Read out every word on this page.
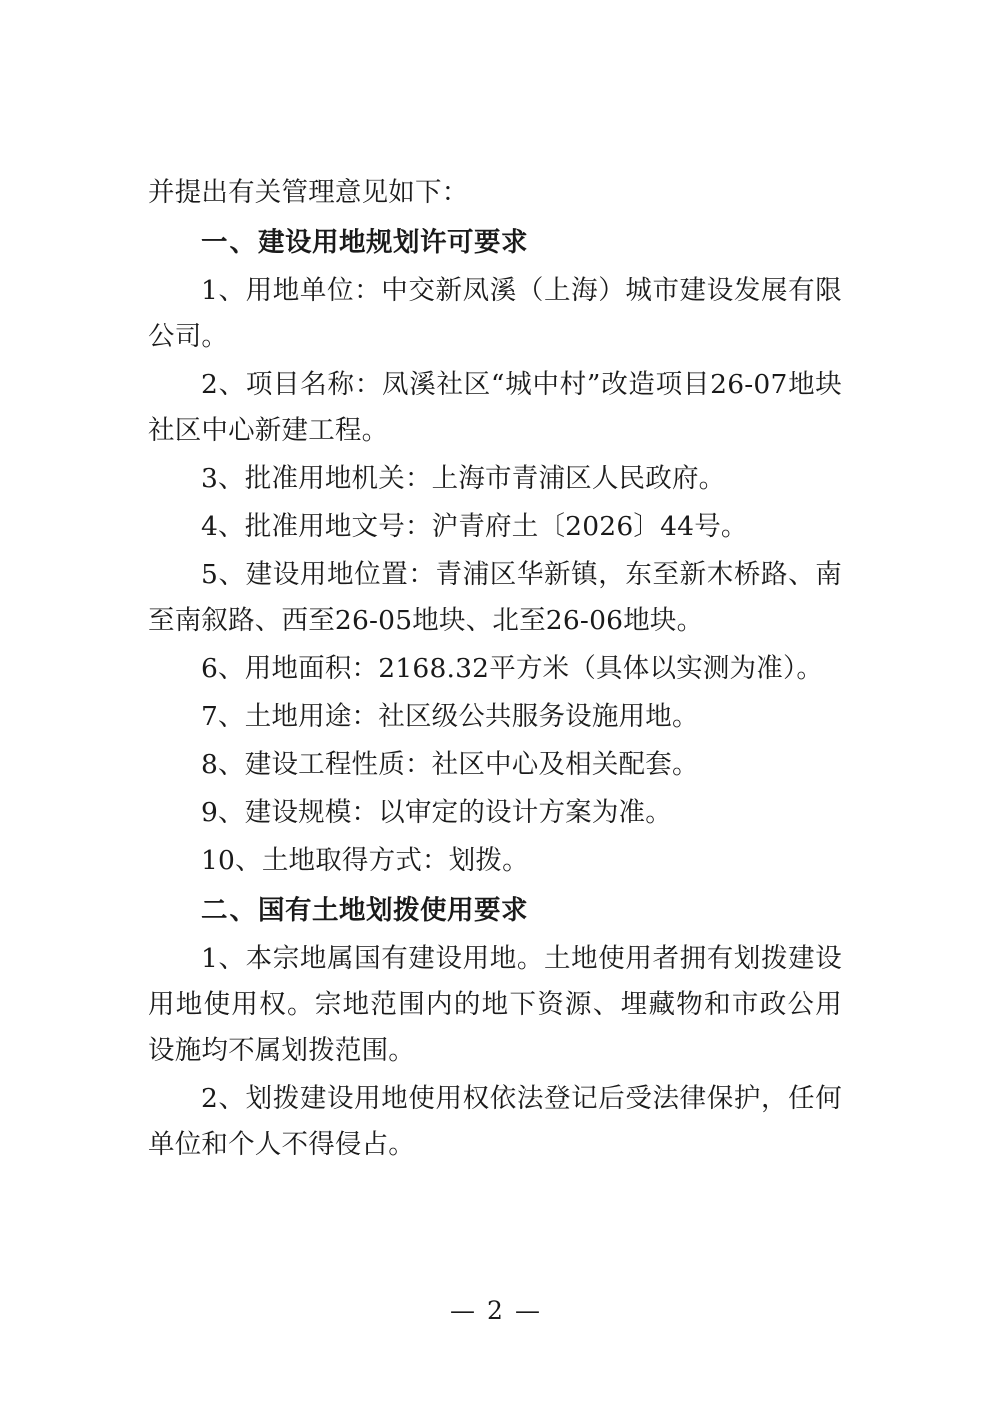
并提出有关管理意见如下：

一、建设用地规划许可要求

1、用地单位：中交新凤溪（上海）城市建设发展有限公司。

2、项目名称：凤溪社区“城中村”改造项目26-07地块社区中心新建工程。

3、批准用地机关：上海市青浦区人民政府。

4、批准用地文号：沪青府土〔2026〕44号。

5、建设用地位置：青浦区华新镇，东至新木桥路、南至南叙路、西至26-05地块、北至26-06地块。

6、用地面积：2168.32平方米（具体以实测为准）。

7、土地用途：社区级公共服务设施用地。

8、建设工程性质：社区中心及相关配套。

9、建设规模：以审定的设计方案为准。

10、土地取得方式：划拨。

二、国有土地划拨使用要求

1、本宗地属国有建设用地。土地使用者拥有划拨建设用地使用权。宗地范围内的地下资源、埋藏物和市政公用设施均不属划拨范围。

2、划拨建设用地使用权依法登记后受法律保护，任何单位和个人不得侵占。

— 2 —
